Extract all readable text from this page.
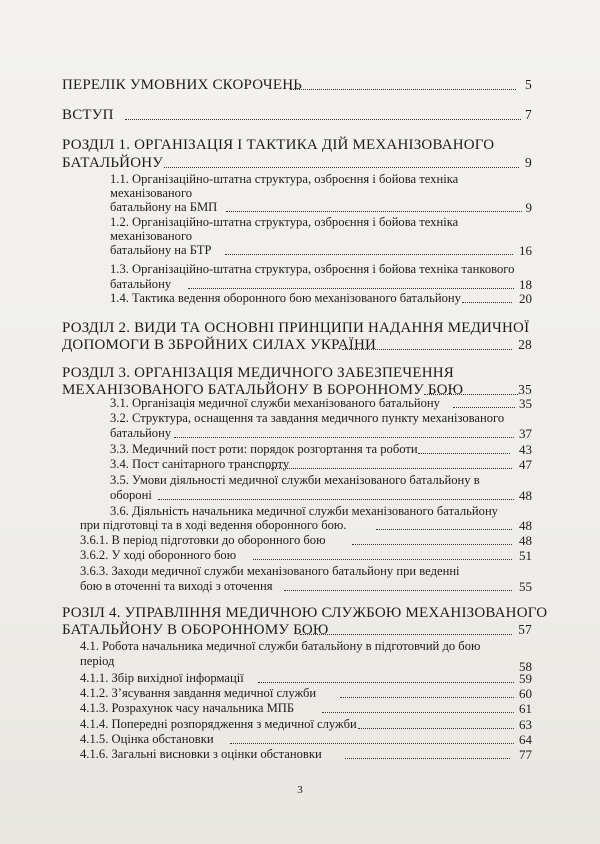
ПЕРЕЛІК УМОВНИХ СКОРОЧЕНЬ	5
ВСТУП	7
РОЗДІЛ 1. ОРГАНІЗАЦІЯ І ТАКТИКА ДІЙ МЕХАНІЗОВАНОГО
БАТАЛЬЙОНУ	9
1.1. Організаційно-штатна структура, озброєння і бойова техніка
механізованого
батальйону на БМП	9
1.2. Організаційно-штатна структура, озброєння і бойова техніка
механізованого
батальйону на БТР	16
1.3. Організаційно-штатна структура, озброєння і бойова техніка танкового
батальйону	18
1.4. Тактика ведення оборонного бою механізованого батальйону	20
РОЗДІЛ 2. ВИДИ ТА ОСНОВНІ ПРИНЦИПИ НАДАННЯ МЕДИЧНОЇ
ДОПОМОГИ В ЗБРОЙНИХ СИЛАХ УКРАЇНИ	28
РОЗДІЛ 3. ОРГАНІЗАЦІЯ МЕДИЧНОГО ЗАБЕЗПЕЧЕННЯ
МЕХАНІЗОВАНОГО БАТАЛЬЙОНУ В БОРОННОМУ БОЮ	35
3.1. Організація медичної служби механізованого батальйону	35
3.2. Структура, оснащення та завдання медичного пункту механізованого
батальйону	37
3.3. Медичний пост роти: порядок розгортання та роботи	43
3.4. Пост санітарного транспорту	47
3.5. Умови діяльності медичної служби механізованого батальйону в
обороні	48
3.6. Діяльність начальника медичної служби механізованого батальйону
при підготовці та в ході ведення оборонного бою.	48
3.6.1. В період підготовки до оборонного бою	48
3.6.2. У ході оборонного бою	51
3.6.3. Заходи медичної служби механізованого батальйону при веденні
бою в оточенні та виході з оточення	55
РОЗІЛ 4. УПРАВЛІННЯ МЕДИЧНОЮ СЛУЖБОЮ МЕХАНІЗОВАНОГО
БАТАЛЬЙОНУ В ОБОРОННОМУ БОЮ	57
4.1. Робота начальника медичної служби батальйону в підготовчий до бою
період	58
4.1.1. Збір вихідної інформації	59
4.1.2. З’ясування завдання медичної служби	60
4.1.3. Розрахунок часу начальника МПБ	61
4.1.4. Попередні розпорядження з медичної служби	63
4.1.5. Оцінка обстановки	64
4.1.6. Загальні висновки з оцінки обстановки	77
3
